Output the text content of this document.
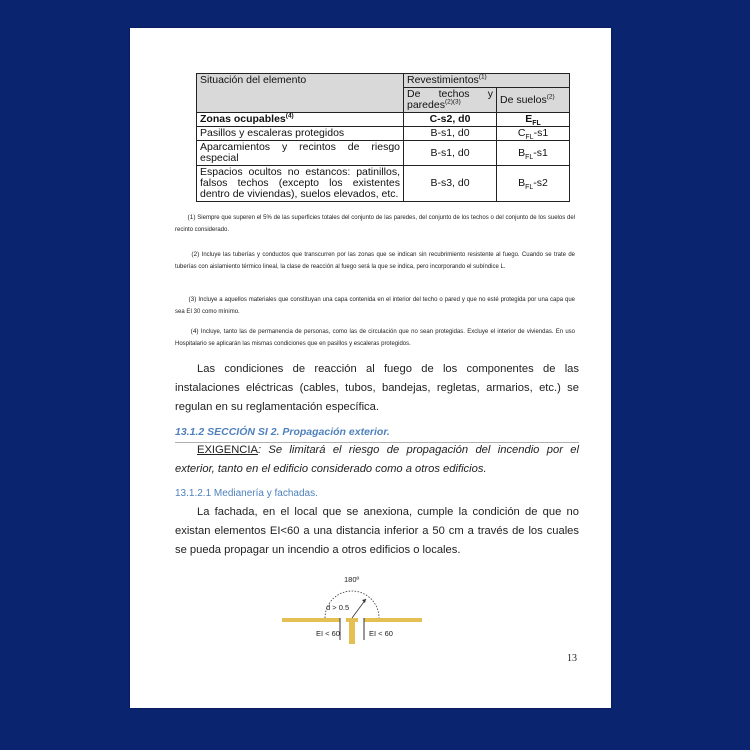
Situación del elemento	Revestimientos$^{(1)}$
	De techos y paredes$^{(2)(3)}$	De suelos$^{(2)}$
Zonas ocupables$^{(4)}$	C-s2, d0	$E_{FL}$
Pasillos y escaleras protegidos	B-s1, d0	$C_{FL}-s1$
Aparcamientos y recintos de riesgo especial	B-s1, d0	$B_{FL}-s1$
Espacios ocultos no estancos: patinillos, falsos techos (excepto los existentes dentro de viviendas), suelos elevados, etc.	B-s3, d0	$B_{FL}-s2$
(1) Siempre que superen el 5% de las superficies totales del conjunto de las paredes, del conjunto de los techos o del conjunto de los suelos del recinto considerado.
(2) Incluye las tuberías y conductos que transcurren por las zonas que se indican sin recubrimiento resistente al fuego. Cuando se trate de tuberías con aislamiento térmico lineal, la clase de reacción al fuego será la que se indica, pero incorporando el subíndice L.
(3) Incluye a aquellos materiales que constituyan una capa contenida en el interior del techo o pared y que no esté protegida por una capa que sea EI 30 como mínimo.
(4) Incluye, tanto las de permanencia de personas, como las de circulación que no sean protegidas. Excluye el interior de viviendas. En uso Hospitalario se aplicarán las mismas condiciones que en pasillos y escaleras protegidos.
Las condiciones de reacción al fuego de los componentes de las instalaciones eléctricas (cables, tubos, bandejas, regletas, armarios, etc.) se regulan en su reglamentación específica.
13.1.2 SECCIÓN SI 2. Propagación exterior.
EXIGENCIA: Se limitará el riesgo de propagación del incendio por el exterior, tanto en el edificio considerado como a otros edificios.
13.1.2.1 Medianería y fachadas.
La fachada, en el local que se anexiona, cumple la condición de que no existan elementos EI<60 a una distancia inferior a 50 cm a través de los cuales se pueda propagar un incendio a otros edificios o locales.
180º
d > 0.5
EI < 60	EI < 60
13
